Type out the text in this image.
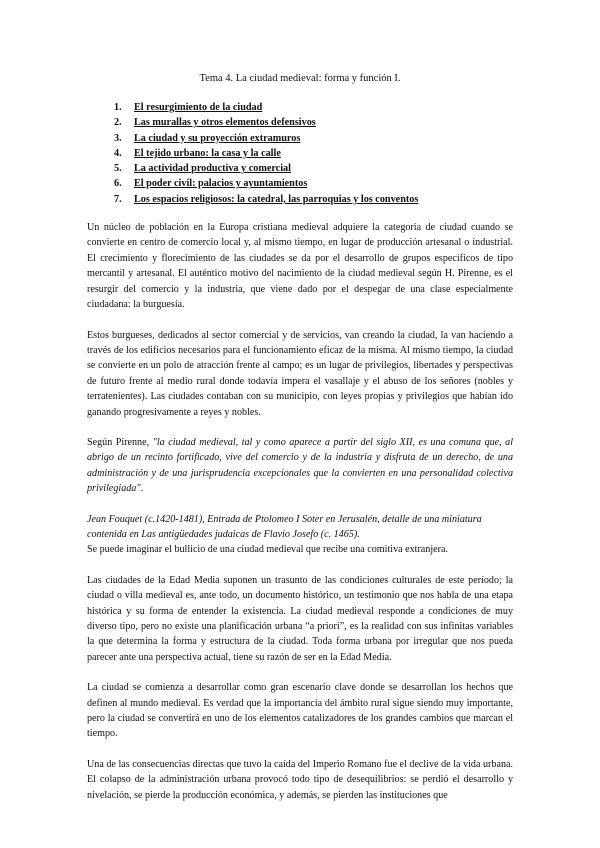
Tema 4. La ciudad medieval: forma y función I.
1.	El resurgimiento de la ciudad
2.	Las murallas y otros elementos defensivos
3.	La ciudad y su proyección extramuros
4.	El tejido urbano: la casa y la calle
5.	La actividad productiva y comercial
6.	El poder civil: palacios y ayuntamientos
7.	Los espacios religiosos: la catedral, las parroquias y los conventos

Un núcleo de población en la Europa cristiana medieval adquiere la categoría de ciudad cuando se convierte en centro de comercio local y, al mismo tiempo, en lugar de producción artesanal o industrial. El crecimiento y florecimiento de las ciudades se da por el desarrollo de grupos específicos de tipo mercantil y artesanal. El auténtico motivo del nacimiento de la ciudad medieval según H. Pirenne, es el resurgir del comercio y la industria, que viene dado por el despegar de una clase especialmente ciudadana: la burguesía.

Estos burgueses, dedicados al sector comercial y de servicios, van creando la ciudad, la van haciendo a través de los edificios necesarios para el funcionamiento eficaz de la misma. Al mismo tiempo, la ciudad se convierte en un polo de atracción frente al campo; es un lugar de privilegios, libertades y perspectivas de futuro frente al medio rural donde todavía impera el vasallaje y el abuso de los señores (nobles y terratenientes). Las ciudades contaban con su municipio, con leyes propias y privilegios que habían ido ganando progresivamente a reyes y nobles.

Según Pirenne, "la ciudad medieval, tal y como aparece a partir del siglo XII, es una comuna que, al abrigo de un recinto fortificado, vive del comercio y de la industria y disfruta de un derecho, de una administración y de una jurisprudencia excepcionales que la convierten en una personalidad colectiva privilegiada".

Jean Fouquet (c.1420-1481), Entrada de Ptolomeo I Soter en Jerusalén, detalle de una miniatura contenida en Las antigüedades judaicas de Flavio Josefo (c. 1465).
Se puede imaginar el bullicio de una ciudad medieval que recibe una comitiva extranjera.

Las ciudades de la Edad Media suponen un trasunto de las condiciones culturales de este período; la ciudad o villa medieval es, ante todo, un documento histórico, un testimonio que nos habla de una etapa histórica y su forma de entender la existencia. La ciudad medieval responde a condiciones de muy diverso tipo, pero no existe una planificación urbana “a priori”, es la realidad con sus infinitas variables la que determina la forma y estructura de la ciudad. Toda forma urbana por irregular que nos pueda parecer ante una perspectiva actual, tiene su razón de ser en la Edad Media.

La ciudad se comienza a desarrollar como gran escenario clave donde se desarrollan los hechos que definen al mundo medieval. Es verdad que la importancia del ámbito rural sigue siendo muy importante, pero la ciudad se convertirá en uno de los elementos catalizadores de los grandes cambios que marcan el tiempo.

Una de las consecuencias directas que tuvo la caída del Imperio Romano fue el declive de la vida urbana. El colapso de la administración urbana provocó todo tipo de desequilibrios: se perdió el desarrollo y nivelación, se pierde la producción económica, y además, se pierden las instituciones que
